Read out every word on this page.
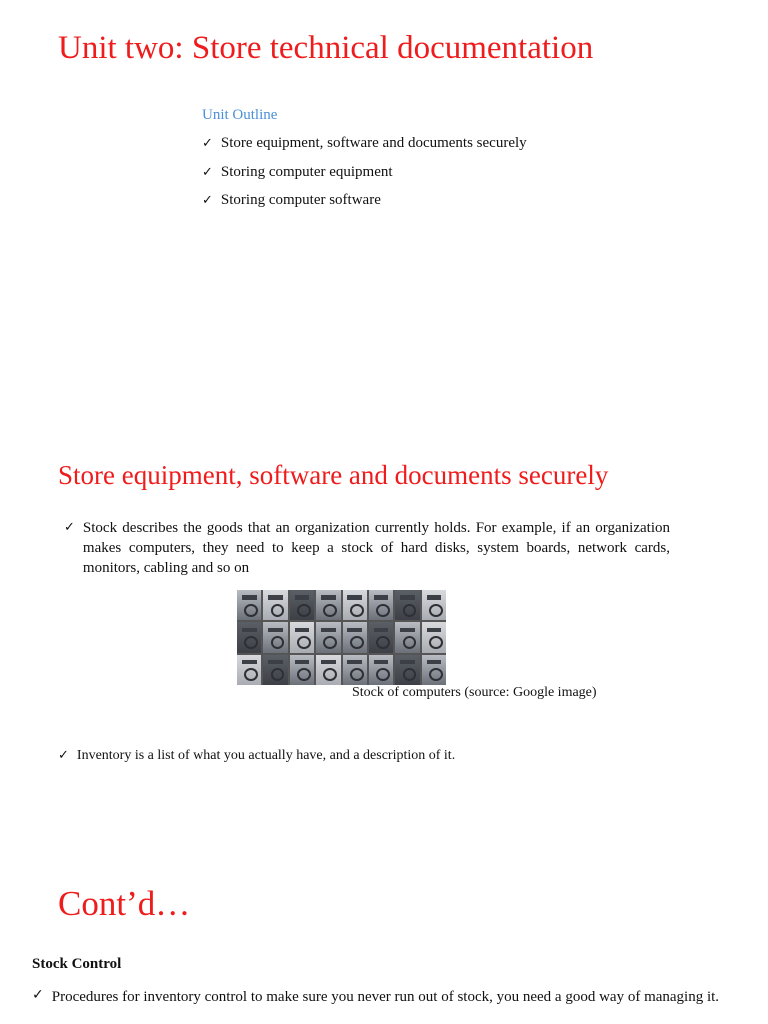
Unit two: Store technical documentation
Unit Outline
✓ Store equipment, software and documents securely
✓ Storing computer equipment
✓ Storing computer software
Store equipment, software and documents securely
✓ Stock describes the goods that an organization currently holds. For example, if an organization makes computers, they need to keep a stock of hard disks, system boards, network cards, monitors, cabling and so on
Stock of computers (source: Google image)
✓ Inventory is a list of what you actually have, and a description of it.
Cont’d…
Stock Control
✓ Procedures for inventory control to make sure you never run out of stock, you need a good way of managing it.
